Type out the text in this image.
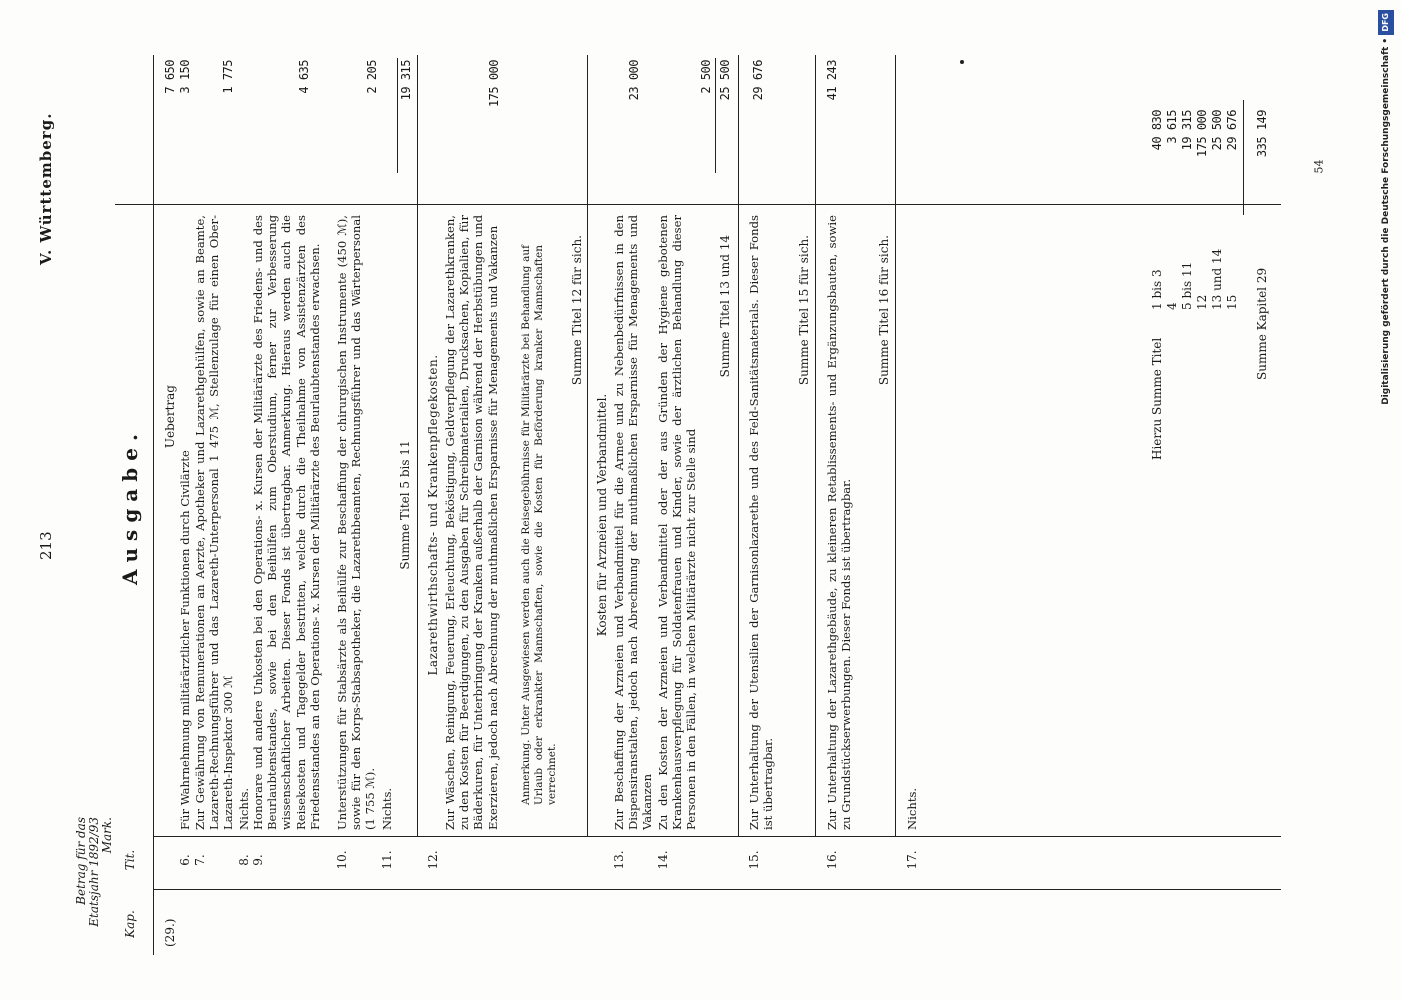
Digitalisierung gefördert durch die Deutsche Forschungsgemeinschaft • DFG
54
V. Württemberg.
213	Ausgabe.
Kap.
Tit.
Betrag für das Etatsjahr 1892/93 Mark.
(29.)
Uebertrag
7 650 3 150
6.
Für Wahrnehmung militärärztlicher Funktionen durch Civilärzte
7.
Zur Gewährung von Remunerationen an Aerzte, Apotheker und Lazarethgehülfen, sowie an Beamte, Lazareth-Rechnungsführer und das Lazareth-Unterpersonal 1 475 ℳ, Stellenzulage für einen Ober-Lazareth-Inspektor 300 ℳ
1 775
8.
Nichts.
9.
Honorare und andere Unkosten bei den Operations- x. Kursen der Militärärzte des Friedens- und des Beurlaubtenstandes, sowie bei den Beihülfen zum Oberstudium, ferner zur Verbesserung wissenschaftlicher Arbeiten. Dieser Fonds ist übertragbar. Anmerkung. Hieraus werden auch die Reisekosten und Tagegelder bestritten, welche durch die Theilnahme von Assistenzärzten des Friedensstandes an den Operations- x. Kursen der Militärärzte des Beurlaubtenstandes erwachsen.
4 635
10.
Unterstützungen für Stabsärzte als Beihülfe zur Beschaffung der chirurgischen Instrumente (450 ℳ), sowie für den Korps-Stabsapotheker, die Lazarethbeamten, Rechnungsführer und das Wärterpersonal (1 755 ℳ).
2 205
11.
Nichts.
Summe Titel 5 bis 11
19 315
Lazarethwirthschafts- und Krankenpflegekosten.
12.
Zur Wäschen, Reinigung, Feuerung, Erleuchtung, Beköstigung, Geldverpflegung der Lazarethkranken, zu den Kosten für Beerdigungen, zu den Ausgaben für Schreibmaterialien, Drucksachen, Kopialien, für Bäderkuren, für Unterbringung der Kranken außerhalb der Garnison während der Herbstübungen und Exerzieren, jedoch nach Abrechnung der muthmaßlichen Ersparnisse für Menagements und Vakanzen
175 000
Anmerkung. Unter Ausgewiesen werden auch die Reisegebührnisse für Militärärzte bei Behandlung auf Urlaub oder erkrankter Mannschaften, sowie die Kosten für Beförderung kranker Mannschaften verrechnet.
Summe Titel 12 für sich.
Kosten für Arzneien und Verbandmittel.
13.
Zur Beschaffung der Arzneien und Verbandmittel für die Armee und zu Nebenbedürfnissen in den Dispensiranstalten, jedoch nach Abrechnung der muthmaßlichen Ersparnisse für Menagements und Vakanzen
23 000
14.
Zu den Kosten der Arzneien und Verbandmittel oder der aus Gründen der Hygiene gebotenen Krankenhausverpflegung für Soldatenfrauen und Kinder, sowie der ärztlichen Behandlung dieser Personen in den Fällen, in welchen Militärärzte nicht zur Stelle sind
2 500
Summe Titel 13 und 14
25 500
15.
Zur Unterhaltung der Utensilien der Garnisonlazarethe und des Feld-Sanitätsmaterials. Dieser Fonds ist übertragbar.
29 676
Summe Titel 15 für sich.
16.
Zur Unterhaltung der Lazarethgebäude, zu kleineren Retablissements- und Ergänzungsbauten, sowie zu Grundstückserwerbungen. Dieser Fonds ist übertragbar.
41 243
Summe Titel 16 für sich.
17.
Nichts.
Hierzu Summe Titel
1 bis 3 4 5 bis 11 12 13 und 14 15 Summe Kapitel 29
40 830 3 615 19 315 175 000 25 500 29 676 335 149
